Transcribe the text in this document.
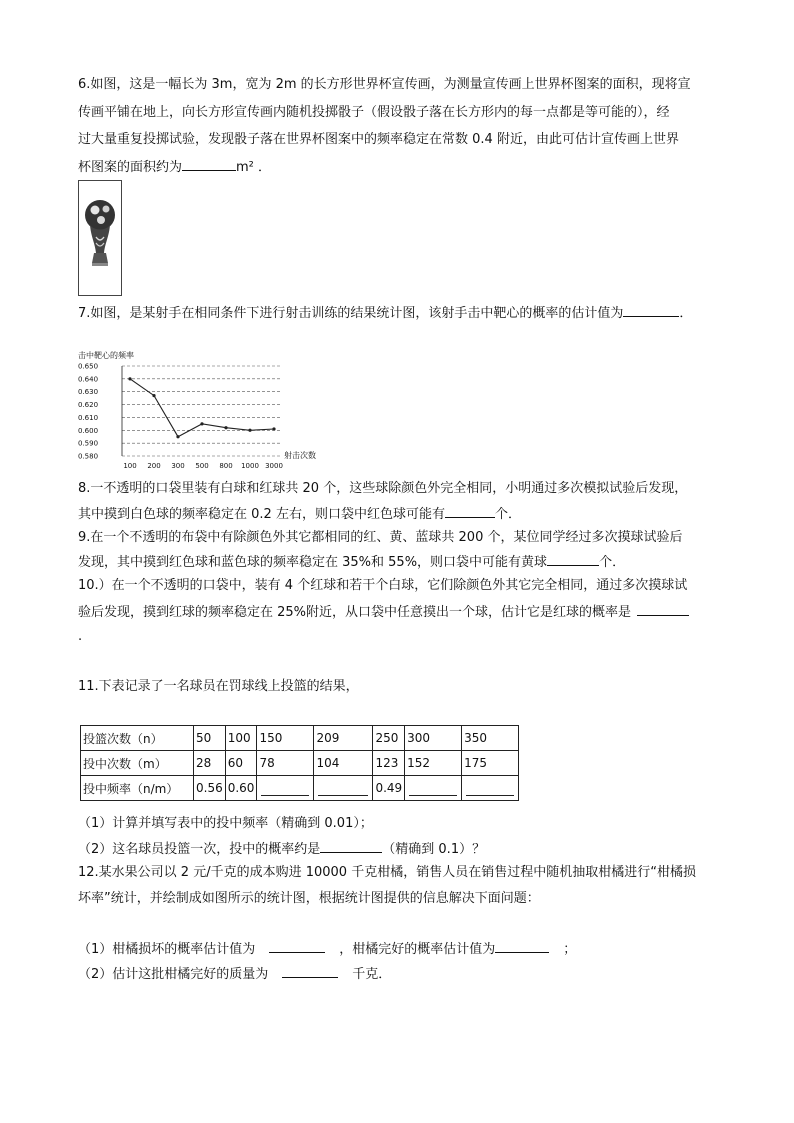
6.如图，这是一幅长为 3m，宽为 2m 的长方形世界杯宣传画，为测量宣传画上世界杯图案的面积，现将宣
传画平铺在地上，向长方形宣传画内随机投掷骰子（假设骰子落在长方形内的每一点都是等可能的），经
过大量重复投掷试验，发现骰子落在世界杯图案中的频率稳定在常数 0.4 附近，由此可估计宣传画上世界
杯图案的面积约为	m² ．
7.如图，是某射手在相同条件下进行射击训练的结果统计图，该射手击中靶心的概率的估计值为	．
击中靶心的频率
0.650
0.640
0.630
0.620
0.610
0.600
0.590
0.580
100 200 300 500 800 1000 3000
射击次数
8.一不透明的口袋里装有白球和红球共 20 个，这些球除颜色外完全相同，小明通过多次模拟试验后发现，
其中摸到白色球的频率稳定在 0.2 左右，则口袋中红色球可能有	个．
9.在一个不透明的布袋中有除颜色外其它都相同的红、黄、蓝球共 200 个，某位同学经过多次摸球试验后
发现，其中摸到红色球和蓝色球的频率稳定在 35%和 55%，则口袋中可能有黄球	个．
10.）在一个不透明的口袋中，装有 4 个红球和若干个白球，它们除颜色外其它完全相同，通过多次摸球试
验后发现，摸到红球的频率稳定在 25%附近，从口袋中任意摸出一个球，估计它是红球的概率是
.
11.下表记录了一名球员在罚球线上投篮的结果，
投篮次数（n）	50	100	150	209	250	300	350
投中次数（m）	28	60	78	104	123	152	175
投中频率（n/m）	0.56	0.60			0.49	

（1）计算并填写表中的投中频率（精确到 0.01）；
（2）这名球员投篮一次，投中的概率约是	（精确到 0.1）？
12.某水果公司以 2 元/千克的成本购进 10000 千克柑橘，销售人员在销售过程中随机抽取柑橘进行“柑橘损
坏率”统计，并绘制成如图所示的统计图，根据统计图提供的信息解决下面问题：
（1）柑橘损坏的概率估计值为	，柑橘完好的概率估计值为	；
（2）估计这批柑橘完好的质量为	千克．
